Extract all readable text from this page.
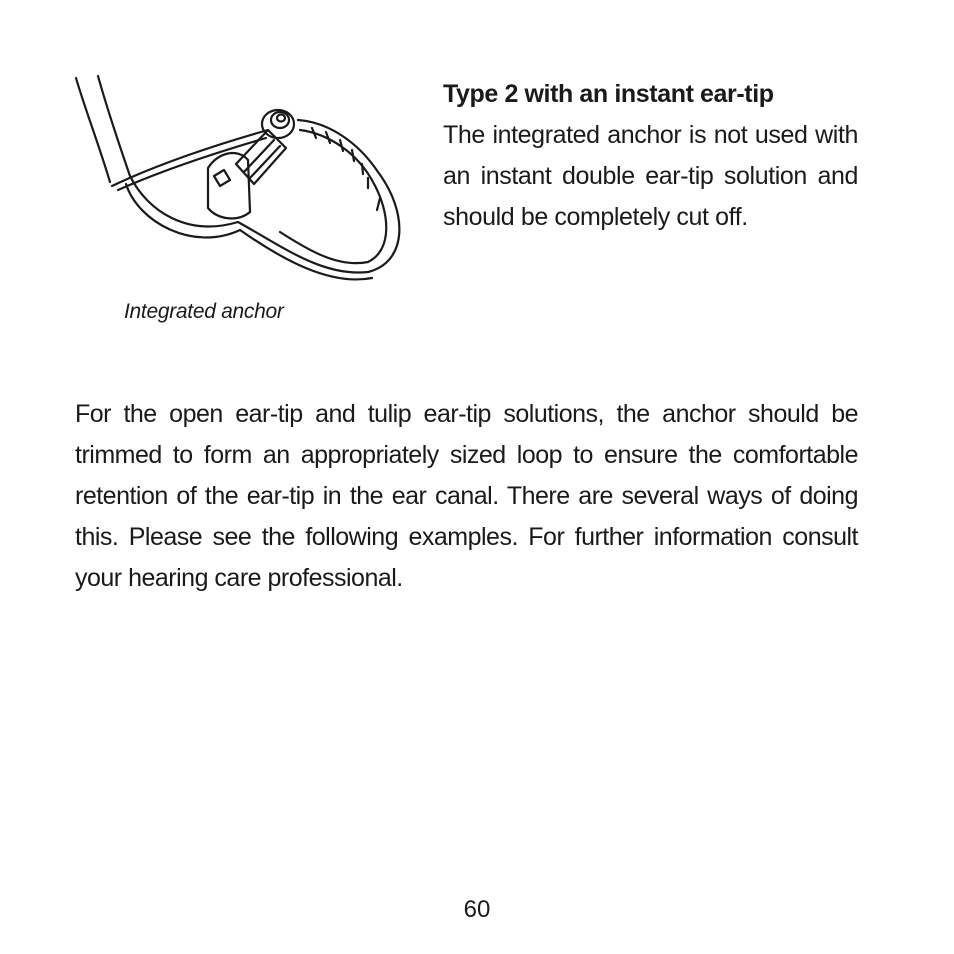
Integrated anchor
Type 2 with an instant ear-tip
The integrated anchor is not used with an instant double ear-tip solution and should be completely cut off.
For the open ear-tip and tulip ear-tip solutions, the anchor should be trimmed to form an appropriately sized loop to ensure the comfortable retention of the ear-tip in the ear canal. There are several ways of doing this. Please see the following examples. For further information consult your hearing care professional.
60
